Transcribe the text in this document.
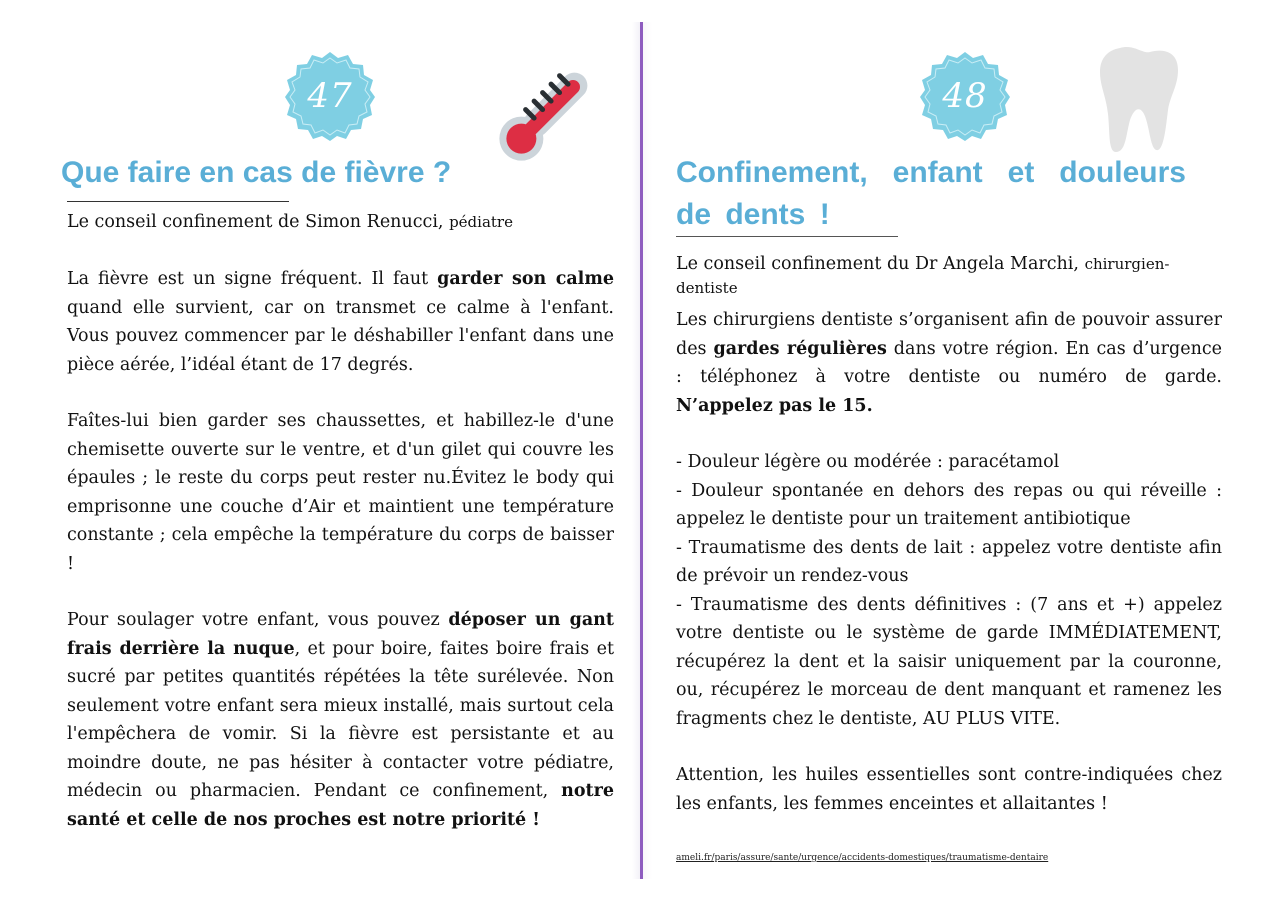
47
Que faire en cas de fièvre ?
Le conseil confinement de Simon Renucci, pédiatre

La fièvre est un signe fréquent. Il faut garder son calme quand elle survient, car on transmet ce calme à l'enfant. Vous pouvez commencer par le déshabiller l'enfant dans une pièce aérée, l’idéal étant de 17 degrés.

Faîtes-lui bien garder ses chaussettes, et habillez-le d'une chemisette ouverte sur le ventre, et d'un gilet qui couvre les épaules ; le reste du corps peut rester nu.Évitez le body qui emprisonne une couche d’Air et maintient une température constante ; cela empêche la température du corps de baisser !

Pour soulager votre enfant, vous pouvez déposer un gant frais derrière la nuque, et pour boire, faites boire frais et sucré par petites quantités répétées la tête surélevée. Non seulement votre enfant sera mieux installé, mais surtout cela l'empêchera de vomir. Si la fièvre est persistante et au moindre doute, ne pas hésiter à contacter votre pédiatre, médecin ou pharmacien. Pendant ce confinement, notre santé et celle de nos proches est notre priorité !

48
Confinement, enfant et douleurs de dents !
Le conseil confinement du Dr Angela Marchi, chirurgien-dentiste

Les chirurgiens dentiste s’organisent afin de pouvoir assurer des gardes régulières dans votre région. En cas d’urgence : téléphonez à votre dentiste ou numéro de garde. N’appelez pas le 15.

- Douleur légère ou modérée : paracétamol

- Douleur spontanée en dehors des repas ou qui réveille : appelez le dentiste pour un traitement antibiotique

- Traumatisme des dents de lait : appelez votre dentiste afin de prévoir un rendez-vous

- Traumatisme des dents définitives : (7 ans et +) appelez votre dentiste ou le système de garde IMMÉDIATEMENT, récupérez la dent et la saisir uniquement par la couronne, ou, récupérez le morceau de dent manquant et ramenez les fragments chez le dentiste, AU PLUS VITE.

Attention, les huiles essentielles sont contre-indiquées chez les enfants, les femmes enceintes et allaitantes !

ameli.fr/paris/assure/sante/urgence/accidents-domestiques/traumatisme-dentaire
